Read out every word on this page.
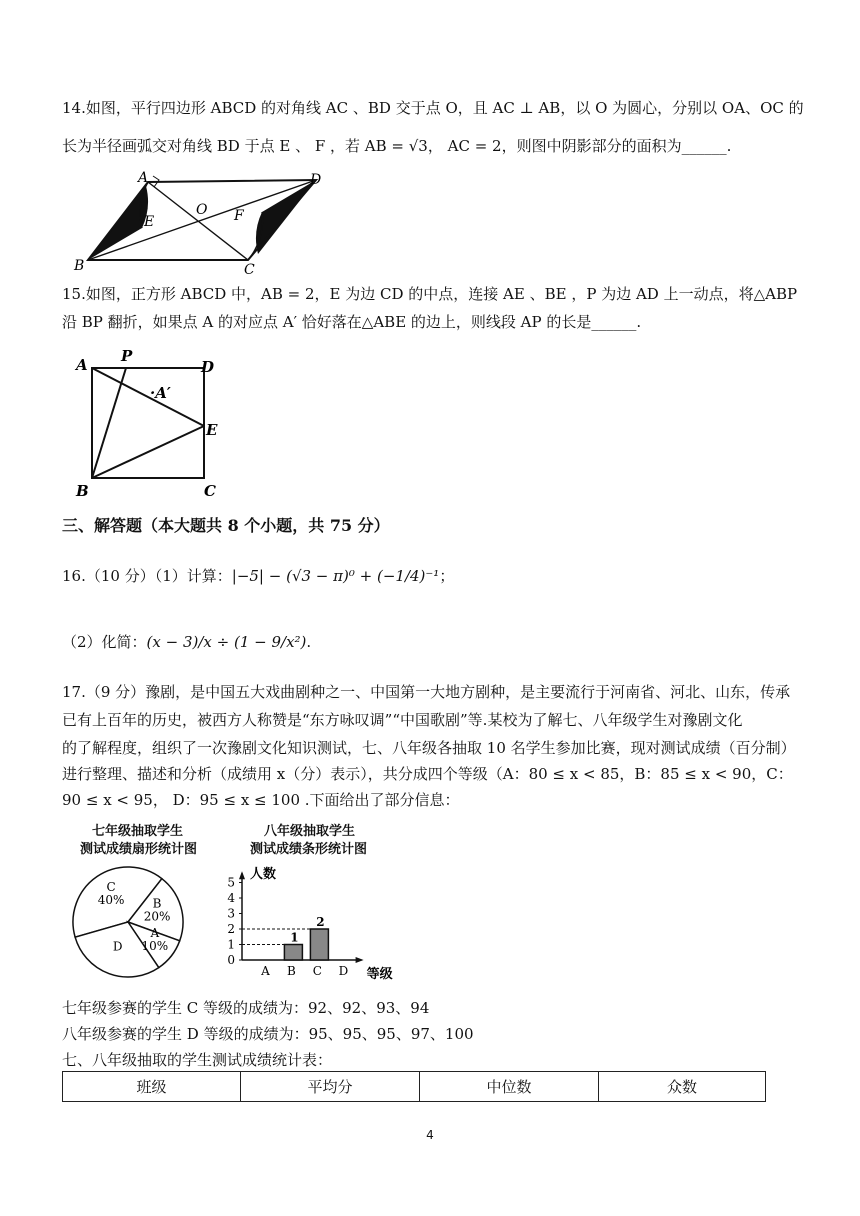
14.如图，平行四边形 ABCD 的对角线 AC 、BD 交于点 O，且 AC ⊥ AB，以 O 为圆心，分别以 OA、OC 的
长为半径画弧交对角线 BD 于点 E 、 F ，若 AB = √3， AC = 2，则图中阴影部分的面积为______.
A
B	C
D
O
E	F
15.如图，正方形 ABCD 中，AB = 2，E 为边 CD 的中点，连接 AE 、BE ，P 为边 AD 上一动点，将△ABP
沿 BP 翻折，如果点 A 的对应点 A′ 恰好落在△ABE 的边上，则线段 AP 的长是______.
A P
D
·A′
E
B	C
三、解答题（本大题共 8 个小题，共 75 分）
16.（10 分）（1）计算：|−5| − (√3 − π)⁰ + (−1/4)⁻¹；
（2）化简：(x − 3)/x ÷ (1 − 9/x²).
17.（9 分）豫剧，是中国五大戏曲剧种之一、中国第一大地方剧种，是主要流行于河南省、河北、山东，传承
已有上百年的历史，被西方人称赞是“东方咏叹调”“中国歌剧”等.某校为了解七、八年级学生对豫剧文化
的了解程度，组织了一次豫剧文化知识测试，七、八年级各抽取 10 名学生参加比赛，现对测试成绩（百分制）
进行整理、描述和分析（成绩用 x（分）表示），共分成四个等级（A：80 ≤ x < 85，B：85 ≤ x < 90，C：
90 ≤ x < 95， D：95 ≤ x ≤ 100 .下面给出了部分信息：
七年级抽取学生
测试成绩扇形统计图
八年级抽取学生
测试成绩条形统计图
C
40% B
20%
A
10%
D
0
1
2
3
4
5
人数
等级
A B
1
C
2
D
七年级参赛的学生 C 等级的成绩为：92、92、93、94
八年级参赛的学生 D 等级的成绩为：95、95、95、97、100
七、八年级抽取的学生测试成绩统计表：
班级	平均分	中位数	众数
4
